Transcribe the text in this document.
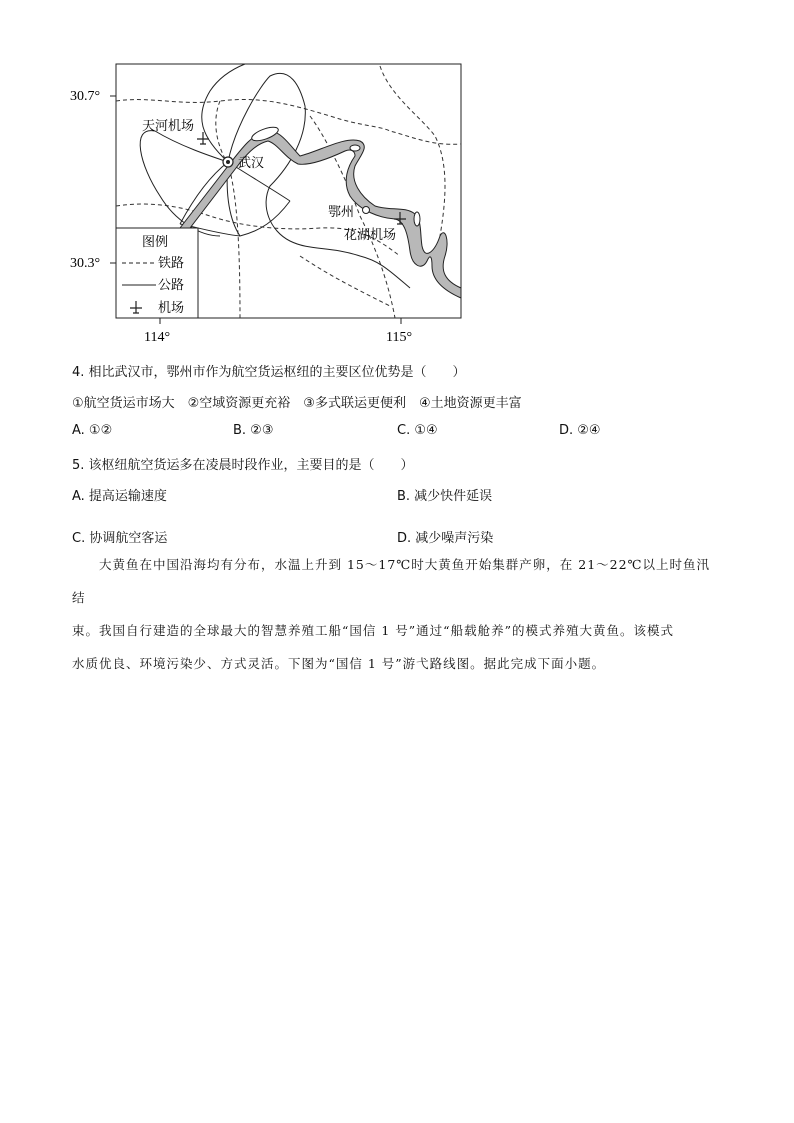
30.7°
30.3°
114°	115°
天河机场
武汉
鄂州
花湖机场
图例
铁路
公路
机场
4. 相比武汉市，鄂州市作为航空货运枢纽的主要区位优势是（　　）
①航空货运市场大　②空域资源更充裕　③多式联运更便利　④土地资源更丰富
A. ①②	B. ②③	C. ①④	D. ②④
5. 该枢纽航空货运多在凌晨时段作业，主要目的是（　　）
A. 提高运输速度	B. 减少快件延误
C. 协调航空客运	D. 减少噪声污染
　　大黄鱼在中国沿海均有分布，水温上升到 15～17℃时大黄鱼开始集群产卵，在 21～22℃以上时鱼汛结
束。我国自行建造的全球最大的智慧养殖工船“国信 1 号”通过“船载舱养”的模式养殖大黄鱼。该模式
水质优良、环境污染少、方式灵活。下图为“国信 1 号”游弋路线图。据此完成下面小题。
